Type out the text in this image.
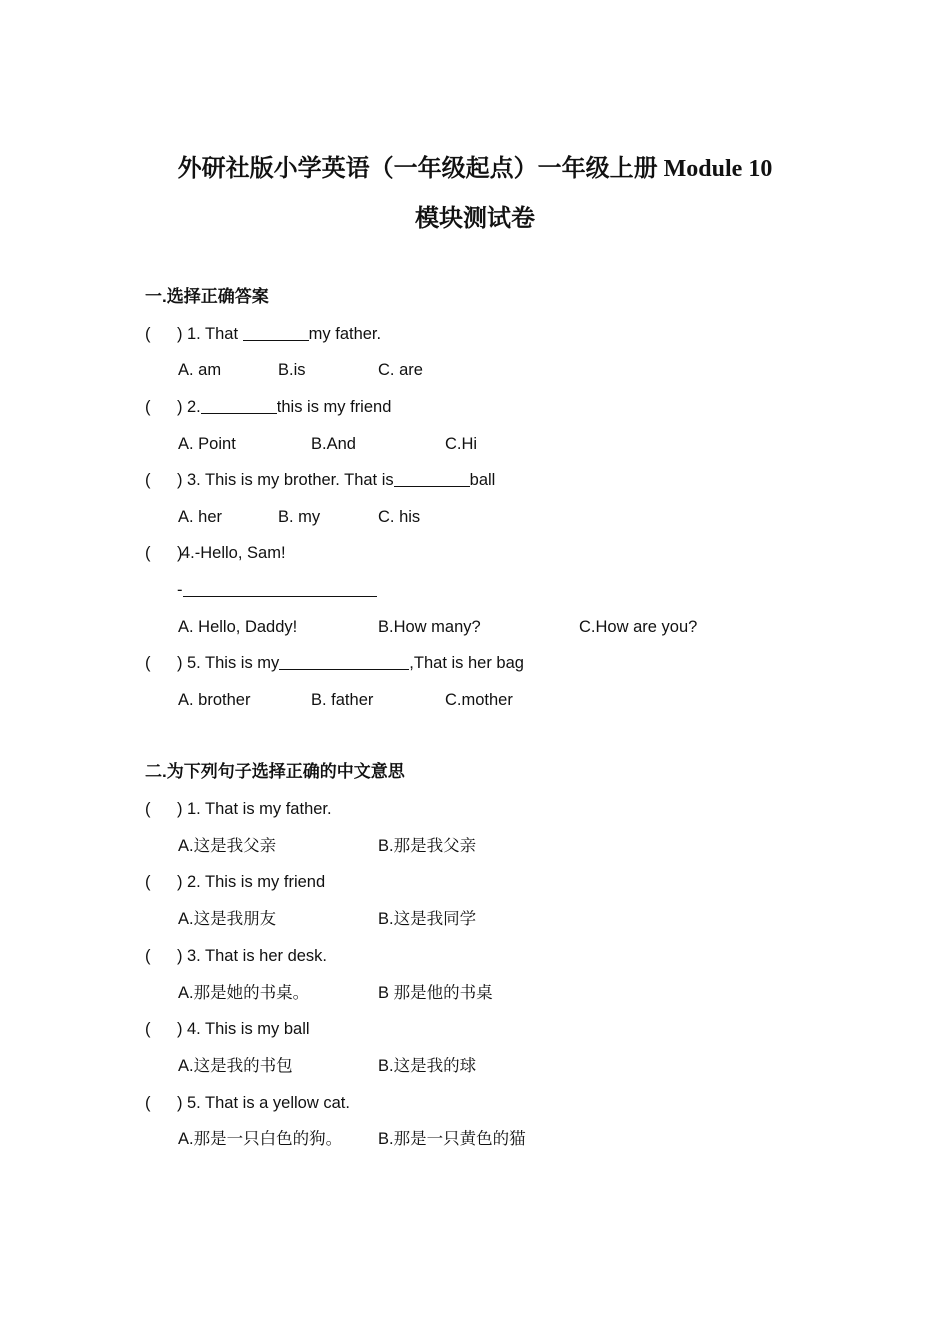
外研社版小学英语（一年级起点）一年级上册 Module 10
模块测试卷
一.选择正确答案
( ) 1. That	my father.
A. am	B.is	C. are
( ) 2.	this is my friend
A. Point	B.And	C.Hi
( ) 3. This is my brother. That is	ball
A. her	B. my	C. his
( )
4.-Hello, Sam!
-
A. Hello, Daddy!	B.How many?	C.How are you?
( ) 5. This is my	,That is her bag
A. brother	B. father	C.mother
二.为下列句子选择正确的中文意思
( ) 1. That is my father.
A.这是我父亲	B.那是我父亲
( ) 2. This is my friend
A.这是我朋友	B.这是我同学
( ) 3. That is her desk.
A.那是她的书桌。	B 那是他的书桌
( ) 4. This is my ball
A.这是我的书包	B.这是我的球
( ) 5. That is a yellow cat.
A.那是一只白色的狗。 B.那是一只黄色的猫
